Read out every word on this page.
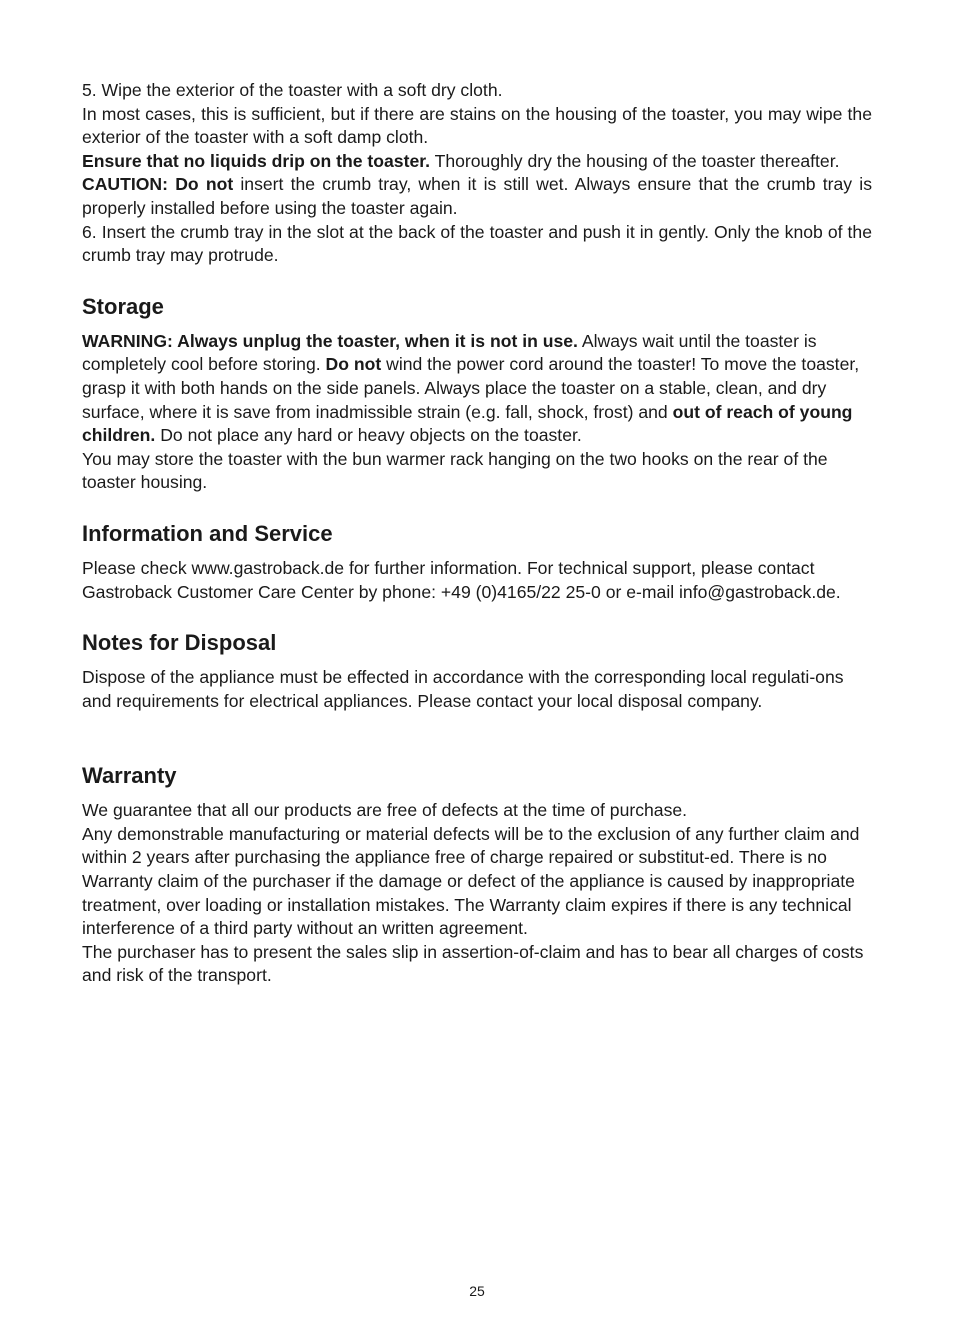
5. Wipe the exterior of the toaster with a soft dry cloth.

In most cases, this is sufficient, but if there are stains on the housing of the toaster, you may wipe the exterior of the toaster with a soft damp cloth.

Ensure that no liquids drip on the toaster. Thoroughly dry the housing of the toaster thereafter.

CAUTION: Do not insert the crumb tray, when it is still wet. Always ensure that the crumb tray is properly installed before using the toaster again.

6. Insert the crumb tray in the slot at the back of the toaster and push it in gently. Only the knob of the crumb tray may protrude.

Storage

WARNING: Always unplug the toaster, when it is not in use. Always wait until the toaster is completely cool before storing. Do not wind the power cord around the toaster! To move the toaster, grasp it with both hands on the side panels. Always place the toaster on a stable, clean, and dry surface, where it is save from inadmissible strain (e.g. fall, shock, frost) and out of reach of young children. Do not place any hard or heavy objects on the toaster.

You may store the toaster with the bun warmer rack hanging on the two hooks on the rear of the toaster housing.

Information and Service

Please check www.gastroback.de for further information. For technical support, please contact Gastroback Customer Care Center by phone: +49 (0)4165/22 25-0 or e-mail info@gastroback.de.

Notes for Disposal

Dispose of the appliance must be effected in accordance with the corresponding local regulati-ons and requirements for electrical appliances. Please contact your local disposal company.

Warranty

We guarantee that all our products are free of defects at the time of purchase.

Any demonstrable manufacturing or material defects will be to the exclusion of any further claim and within 2 years after purchasing the appliance free of charge repaired or substitut-ed. There is no Warranty claim of the purchaser if the damage or defect of the appliance is caused by inappropriate treatment, over loading or installation mistakes. The Warranty claim expires if there is any technical interference of a third party without an written agreement.

The purchaser has to present the sales slip in assertion-of-claim and has to bear all charges of costs and risk of the transport.

25
